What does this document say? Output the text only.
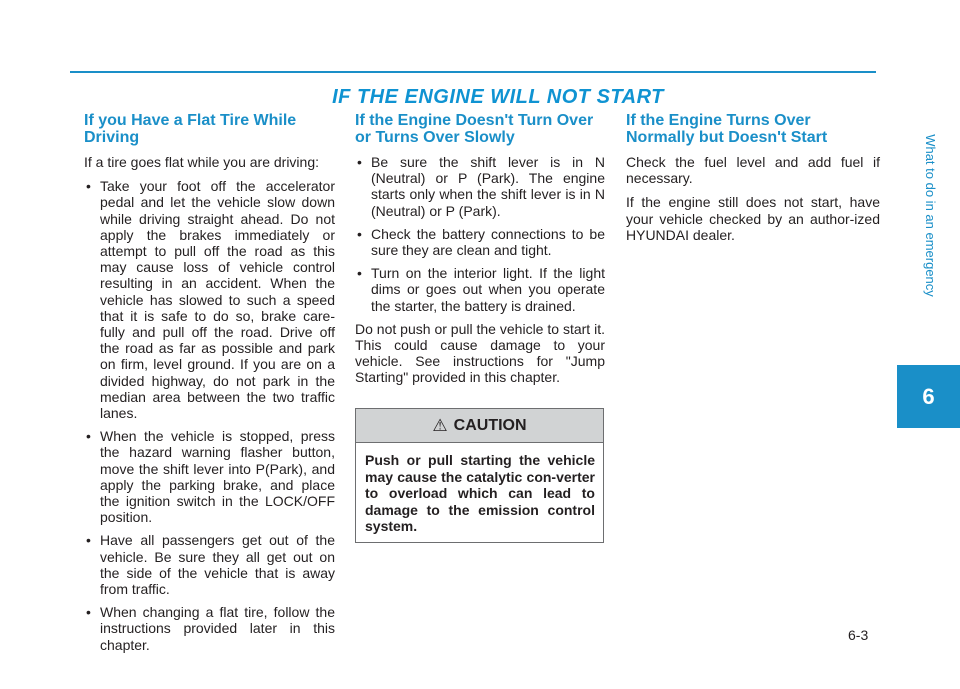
IF THE ENGINE WILL NOT START
If you Have a Flat Tire While Driving

If a tire goes flat while you are driving:

• Take your foot off the accelerator pedal and let the vehicle slow down while driving straight ahead. Do not apply the brakes immediately or attempt to pull off the road as this may cause loss of vehicle control resulting in an accident. When the vehicle has slowed to such a speed that it is safe to do so, brake care-fully and pull off the road. Drive off the road as far as possible and park on firm, level ground. If you are on a divided highway, do not park in the median area between the two traffic lanes.
• When the vehicle is stopped, press the hazard warning flasher button, move the shift lever into P(Park), and apply the parking brake, and place the ignition switch in the LOCK/OFF position.
• Have all passengers get out of the vehicle. Be sure they all get out on the side of the vehicle that is away from traffic.
• When changing a flat tire, follow the instructions provided later in this chapter.
If the Engine Doesn't Turn Over or Turns Over Slowly
• Be sure the shift lever is in N (Neutral) or P (Park). The engine starts only when the shift lever is in N (Neutral) or P (Park).
• Check the battery connections to be sure they are clean and tight.
• Turn on the interior light. If the light dims or goes out when you operate the starter, the battery is drained.

Do not push or pull the vehicle to start it. This could cause damage to your vehicle. See instructions for "Jump Starting" provided in this chapter.

⚠ CAUTION
Push or pull starting the vehicle may cause the catalytic con-verter to overload which can lead to damage to the emission control system.
If the Engine Turns Over Normally but Doesn't Start

Check the fuel level and add fuel if necessary.

If the engine still does not start, have your vehicle checked by an author-ized HYUNDAI dealer.	What to do in an emergency
6
6-3
